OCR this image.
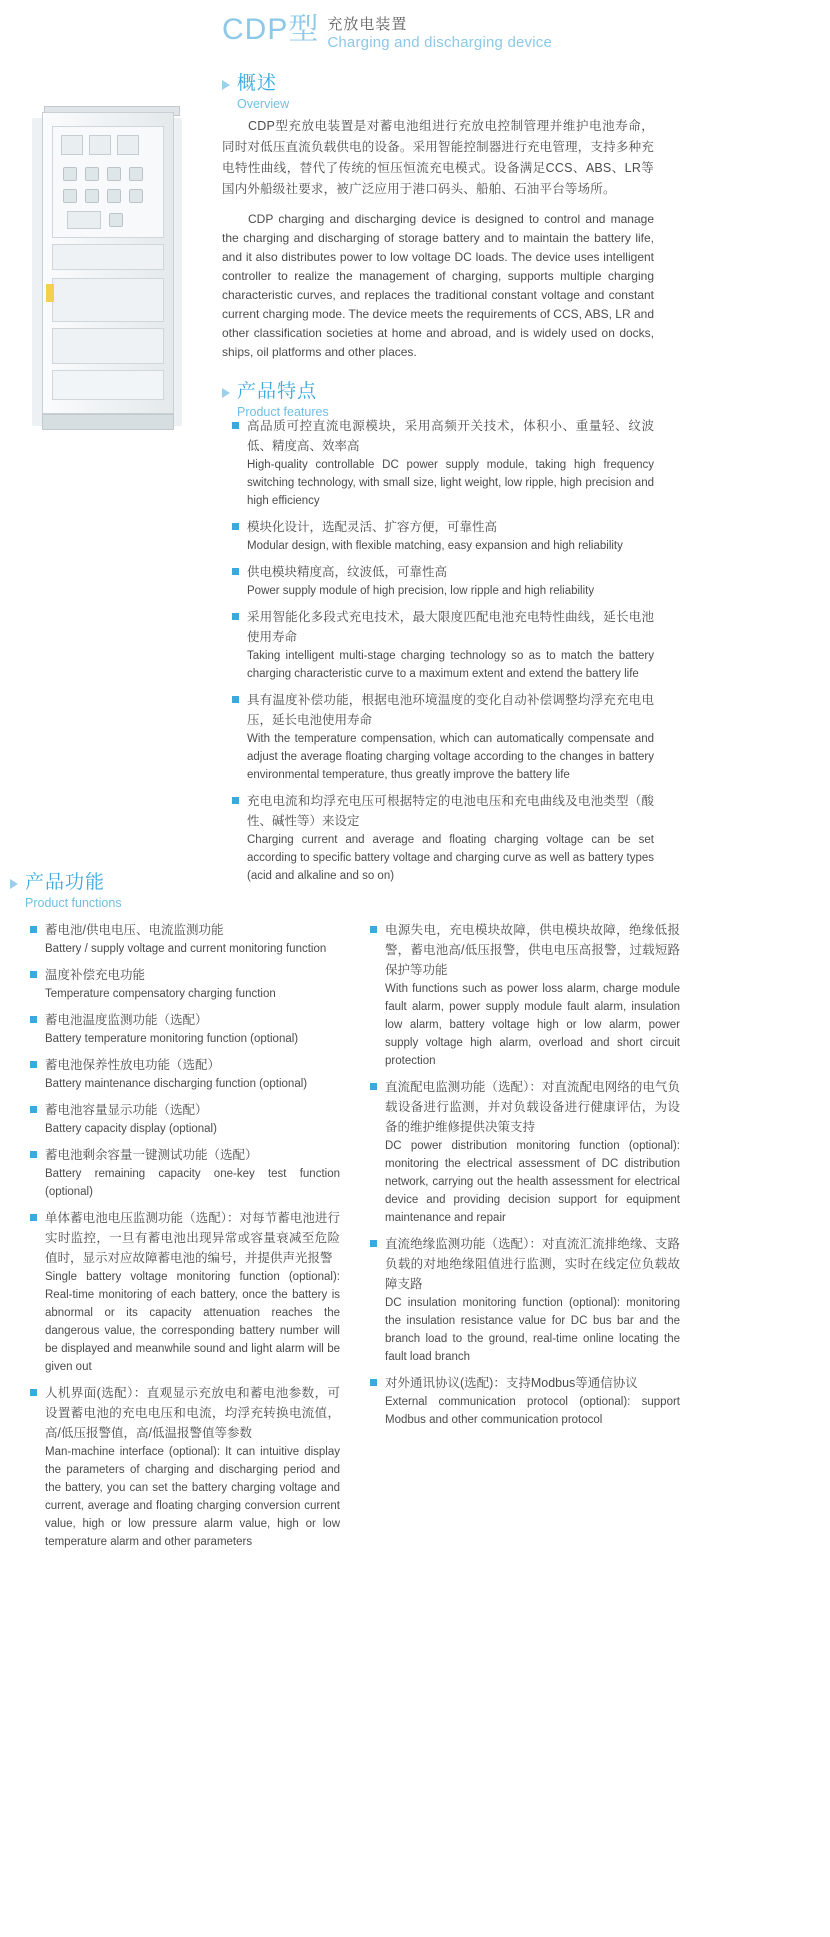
CDP型 充放电装置
Charging and discharging device
概述
Overview

CDP型充放电装置是对蓄电池组进行充放电控制管理并维护电池寿命，同时对低压直流负载供电的设备。采用智能控制器进行充电管理，支持多种充电特性曲线，替代了传统的恒压恒流充电模式。设备满足CCS、ABS、LR等国内外船级社要求，被广泛应用于港口码头、船舶、石油平台等场所。

CDP charging and discharging device is designed to control and manage the charging and discharging of storage battery and to maintain the battery life, and it also distributes power to low voltage DC loads. The device uses intelligent controller to realize the management of charging, supports multiple charging characteristic curves, and replaces the traditional constant voltage and constant current charging mode. The device meets the requirements of CCS, ABS, LR and other classification societies at home and abroad, and is widely used on docks, ships, oil platforms and other places.

产品特点
Product features
高品质可控直流电源模块，采用高频开关技术，体积小、重量轻、纹波低、精度高、效率高
High-quality controllable DC power supply module, taking high frequency switching technology, with small size, light weight, low ripple, high precision and high efficiency
模块化设计，选配灵活、扩容方便，可靠性高
Modular design, with flexible matching, easy expansion and high reliability
供电模块精度高，纹波低，可靠性高
Power supply module of high precision, low ripple and high reliability
采用智能化多段式充电技术，最大限度匹配电池充电特性曲线，延长电池使用寿命
Taking intelligent multi-stage charging technology so as to match the battery charging characteristic curve to a maximum extent and extend the battery life
具有温度补偿功能，根据电池环境温度的变化自动补偿调整均浮充充电电压，延长电池使用寿命
With the temperature compensation, which can automatically compensate and adjust the average floating charging voltage according to the changes in battery environmental temperature, thus greatly improve the battery life
充电电流和均浮充电压可根据特定的电池电压和充电曲线及电池类型（酸性、碱性等）来设定
Charging current and average and floating charging voltage can be set according to specific battery voltage and charging curve as well as battery types (acid and alkaline and so on)
产品功能
Product functions
蓄电池/供电电压、电流监测功能
Battery / supply voltage and current monitoring function
温度补偿充电功能
Temperature compensatory charging function
蓄电池温度监测功能（选配）
Battery temperature monitoring function (optional)
蓄电池保养性放电功能（选配）
Battery maintenance discharging function (optional)
蓄电池容量显示功能（选配）
Battery capacity display (optional)
蓄电池剩余容量一键测试功能（选配）
Battery remaining capacity one-key test function (optional)
单体蓄电池电压监测功能（选配）：对每节蓄电池进行实时监控，一旦有蓄电池出现异常或容量衰减至危险值时，显示对应故障蓄电池的编号，并提供声光报警
Single battery voltage monitoring function (optional): Real-time monitoring of each battery, once the battery is abnormal or its capacity attenuation reaches the dangerous value, the corresponding battery number will be displayed and meanwhile sound and light alarm will be given out
人机界面(选配）：直观显示充放电和蓄电池参数，可设置蓄电池的充电电压和电流，均浮充转换电流值，高/低压报警值，高/低温报警值等参数
Man-machine interface (optional): It can intuitive display the parameters of charging and discharging period and the battery, you can set the battery charging voltage and current, average and floating charging conversion current value, high or low pressure alarm value, high or low temperature alarm and other parameters
电源失电，充电模块故障，供电模块故障，绝缘低报警，蓄电池高/低压报警，供电电压高报警，过载短路保护等功能
With functions such as power loss alarm, charge module fault alarm, power supply module fault alarm, insulation low alarm, battery voltage high or low alarm, power supply voltage high alarm, overload and short circuit protection
直流配电监测功能（选配）：对直流配电网络的电气负载设备进行监测，并对负载设备进行健康评估，为设备的维护维修提供决策支持
DC power distribution monitoring function (optional): monitoring the electrical assessment of DC distribution network, carrying out the health assessment for electrical device and providing decision support for equipment maintenance and repair
直流绝缘监测功能（选配）：对直流汇流排绝缘、支路负载的对地绝缘阻值进行监测，实时在线定位负载故障支路
DC insulation monitoring function (optional): monitoring the insulation resistance value for DC bus bar and the branch load to the ground, real-time online locating the fault load branch
对外通讯协议(选配)：支持Modbus等通信协议
External communication protocol (optional): support Modbus and other communication protocol
